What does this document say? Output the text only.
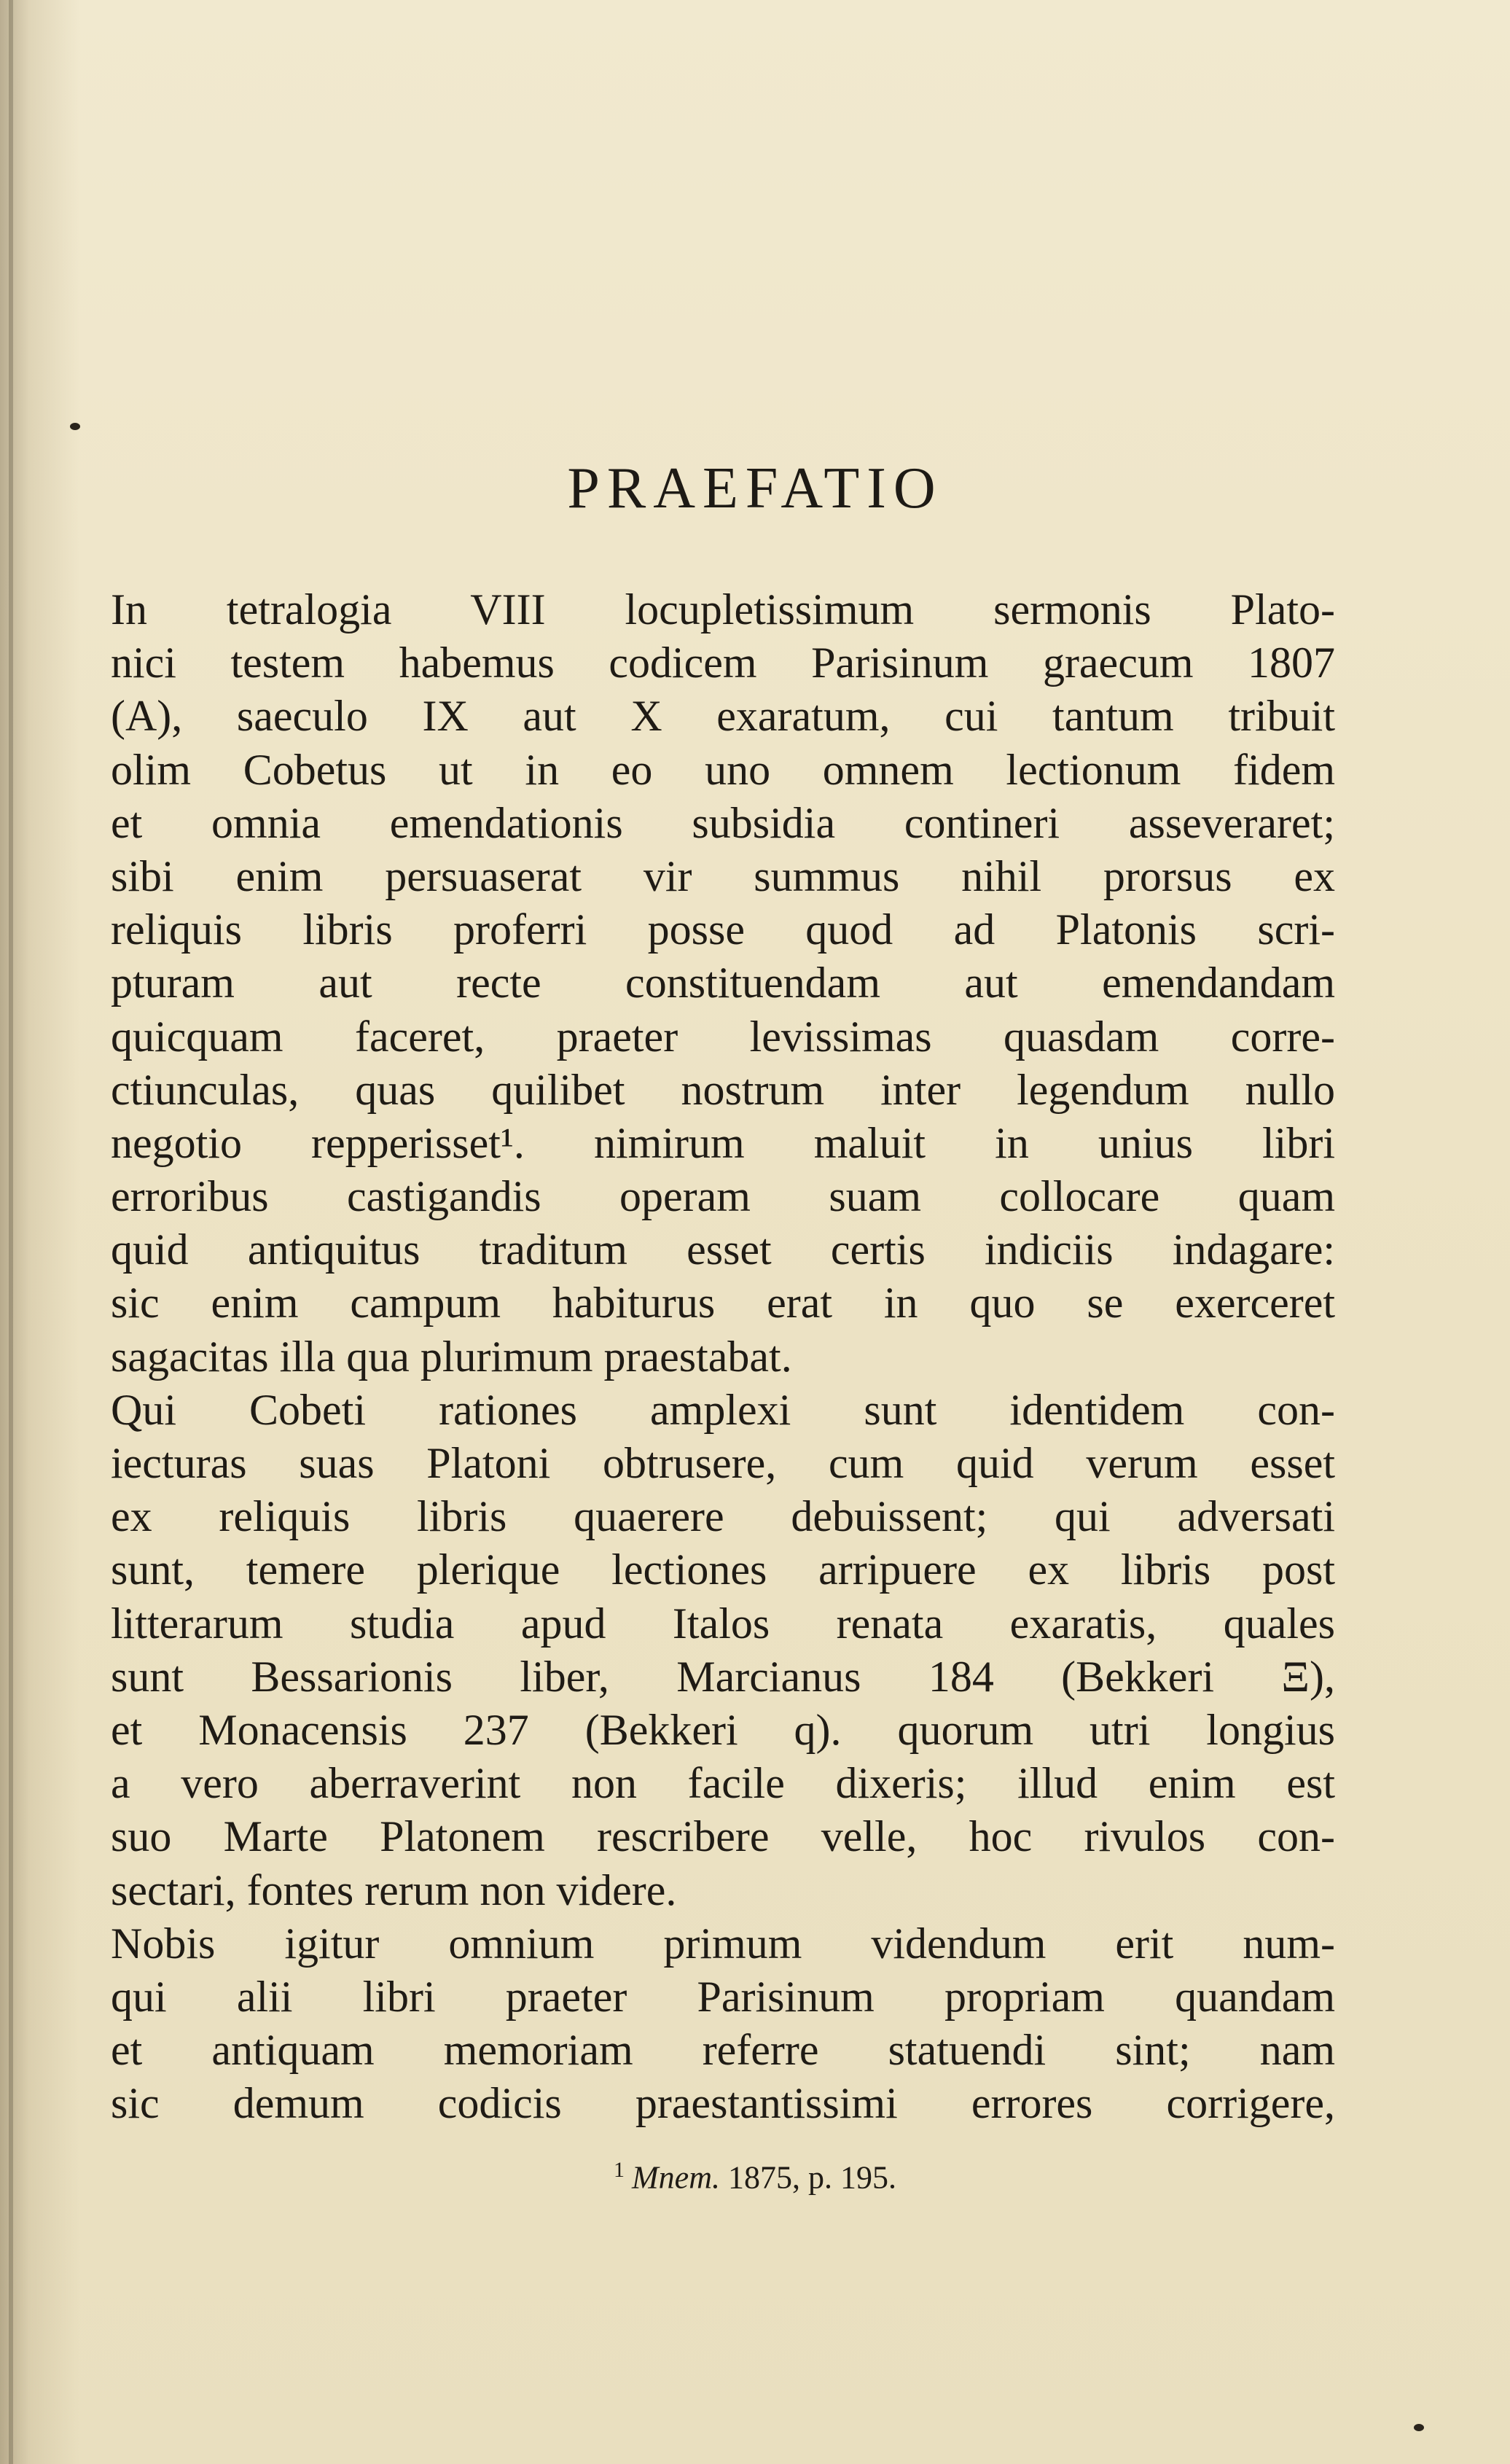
PRAEFATIO
In tetralogia VIII locupletissimum sermonis Plato-
nici testem habemus codicem Parisinum graecum 1807
(A), saeculo IX aut X exaratum, cui tantum tribuit
olim Cobetus ut in eo uno omnem lectionum fidem
et omnia emendationis subsidia contineri asseveraret;
sibi enim persuaserat vir summus nihil prorsus ex
reliquis libris proferri posse quod ad Platonis scri-
pturam aut recte constituendam aut emendandam
quicquam faceret, praeter levissimas quasdam corre-
ctiunculas, quas quilibet nostrum inter legendum nullo
negotio repperisset¹. nimirum maluit in unius libri
erroribus castigandis operam suam collocare quam
quid antiquitus traditum esset certis indiciis indagare:
sic enim campum habiturus erat in quo se exerceret
sagacitas illa qua plurimum praestabat.
Qui Cobeti rationes amplexi sunt identidem con-
iecturas suas Platoni obtrusere, cum quid verum esset
ex reliquis libris quaerere debuissent; qui adversati
sunt, temere plerique lectiones arripuere ex libris post
litterarum studia apud Italos renata exaratis, quales
sunt Bessarionis liber, Marcianus 184 (Bekkeri Ξ),
et Monacensis 237 (Bekkeri q). quorum utri longius
a vero aberraverint non facile dixeris; illud enim est
suo Marte Platonem rescribere velle, hoc rivulos con-
sectari, fontes rerum non videre.
Nobis igitur omnium primum videndum erit num-
qui alii libri praeter Parisinum propriam quandam
et antiquam memoriam referre statuendi sint; nam
sic demum codicis praestantissimi errores corrigere,
$^1$ Mnem. 1875, p. 195.
